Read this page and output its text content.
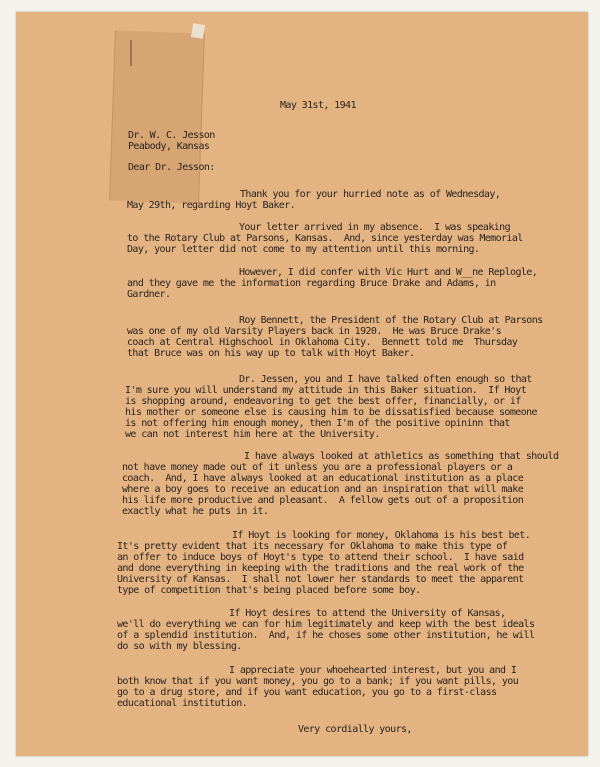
May 31st, 1941

Dr. W. C. Jesson

Peabody, Kansas

Dear Dr. Jesson:

Thank you for your hurried note as of Wednesday,

May 29th, regarding Hoyt Baker.

Your letter arrived in my absence.  I was speaking

to the Rotary Club at Parsons, Kansas.  And, since yesterday was Memorial

Day, your letter did not come to my attention until this morning.

However, I did confer with Vic Hurt and W__ne Replogle,

and they gave me the information regarding Bruce Drake and Adams, in

Gardner.

Roy Bennett, the President of the Rotary Club at Parsons

was one of my old Varsity Players back in 1920.  He was Bruce Drake's

coach at Central Highschool in Oklahoma City.  Bennett told me  Thursday

that Bruce was on his way up to talk with Hoyt Baker.

Dr. Jessen, you and I have talked often enough so that

I'm sure you will understand my attitude in this Baker situation.  If Hoyt

is shopping around, endeavoring to get the best offer, financially, or if

his mother or someone else is causing him to be dissatisfied because someone

is not offering him enough money, then I'm of the positive opininn that

we can not interest him here at the University.

I have always looked at athletics as something that should

not have money made out of it unless you are a professional players or a

coach.  And, I have always looked at an educational institution as a place

where a boy goes to receive an education and an inspiration that will make

his life more productive and pleasant.  A fellow gets out of a proposition

exactly what he puts in it.

If Hoyt is looking for money, Oklahoma is his best bet.

It's pretty evident that its necessary for Oklahoma to make this type of

an offer to induce boys of Hoyt's type to attend their school.  I have said

and done everything in keeping with the traditions and the real work of the

University of Kansas.  I shall not lower her standards to meet the apparent

type of competition that's being placed before some boy.

If Hoyt desires to attend the University of Kansas,

we'll do everything we can for him legitimately and keep with the best ideals

of a splendid institution.  And, if he choses some other institution, he will

do so with my blessing.

I appreciate your whoehearted interest, but you and I

both know that if you want money, you go to a bank; if you want pills, you

go to a drug store, and if you want education, you go to a first-class

educational institution.

Very cordially yours,
